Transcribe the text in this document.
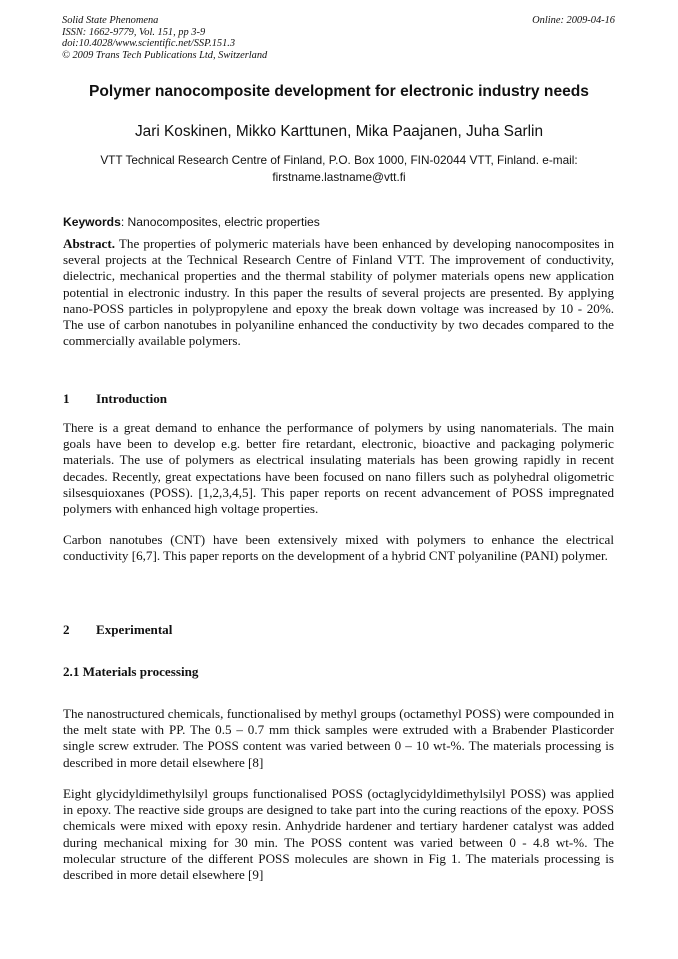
Solid State Phenomena
ISSN: 1662-9779, Vol. 151, pp 3-9
doi:10.4028/www.scientific.net/SSP.151.3
© 2009 Trans Tech Publications Ltd, Switzerland
Online: 2009-04-16
Polymer nanocomposite development for electronic industry needs
Jari Koskinen, Mikko Karttunen, Mika Paajanen, Juha Sarlin
VTT Technical Research Centre of Finland, P.O. Box 1000, FIN-02044 VTT, Finland. e-mail:
firstname.lastname@vtt.fi
Keywords: Nanocomposites, electric properties

Abstract. The properties of polymeric materials have been enhanced by developing nanocomposites in several projects at the Technical Research Centre of Finland VTT. The improvement of conductivity, dielectric, mechanical properties and the thermal stability of polymer materials opens new application potential in electronic industry. In this paper the results of several projects are presented. By applying nano-POSS particles in polypropylene and epoxy the break down voltage was increased by 10 - 20%. The use of carbon nanotubes in polyaniline enhanced the conductivity by two decades compared to the commercially available polymers.

1 Introduction

There is a great demand to enhance the performance of polymers by using nanomaterials. The main goals have been to develop e.g. better fire retardant, electronic, bioactive and packaging polymeric materials. The use of polymers as electrical insulating materials has been growing rapidly in recent decades. Recently, great expectations have been focused on nano fillers such as polyhedral oligometric silsesquioxanes (POSS). [1,2,3,4,5]. This paper reports on recent advancement of POSS impregnated polymers with enhanced high voltage properties.

Carbon nanotubes (CNT) have been extensively mixed with polymers to enhance the electrical conductivity [6,7]. This paper reports on the development of a hybrid CNT polyaniline (PANI) polymer.

2 Experimental
2.1 Materials processing

The nanostructured chemicals, functionalised by methyl groups (octamethyl POSS) were compounded in the melt state with PP. The 0.5 – 0.7 mm thick samples were extruded with a Brabender Plasticorder single screw extruder. The POSS content was varied between 0 – 10 wt-%. The materials processing is described in more detail elsewhere [8]

Eight glycidyldimethylsilyl groups functionalised POSS (octaglycidyldimethylsilyl POSS) was applied in epoxy. The reactive side groups are designed to take part into the curing reactions of the epoxy. POSS chemicals were mixed with epoxy resin. Anhydride hardener and tertiary hardener catalyst was added during mechanical mixing for 30 min. The POSS content was varied between 0 - 4.8 wt-%. The molecular structure of the different POSS molecules are shown in Fig 1. The materials processing is described in more detail elsewhere [9]
